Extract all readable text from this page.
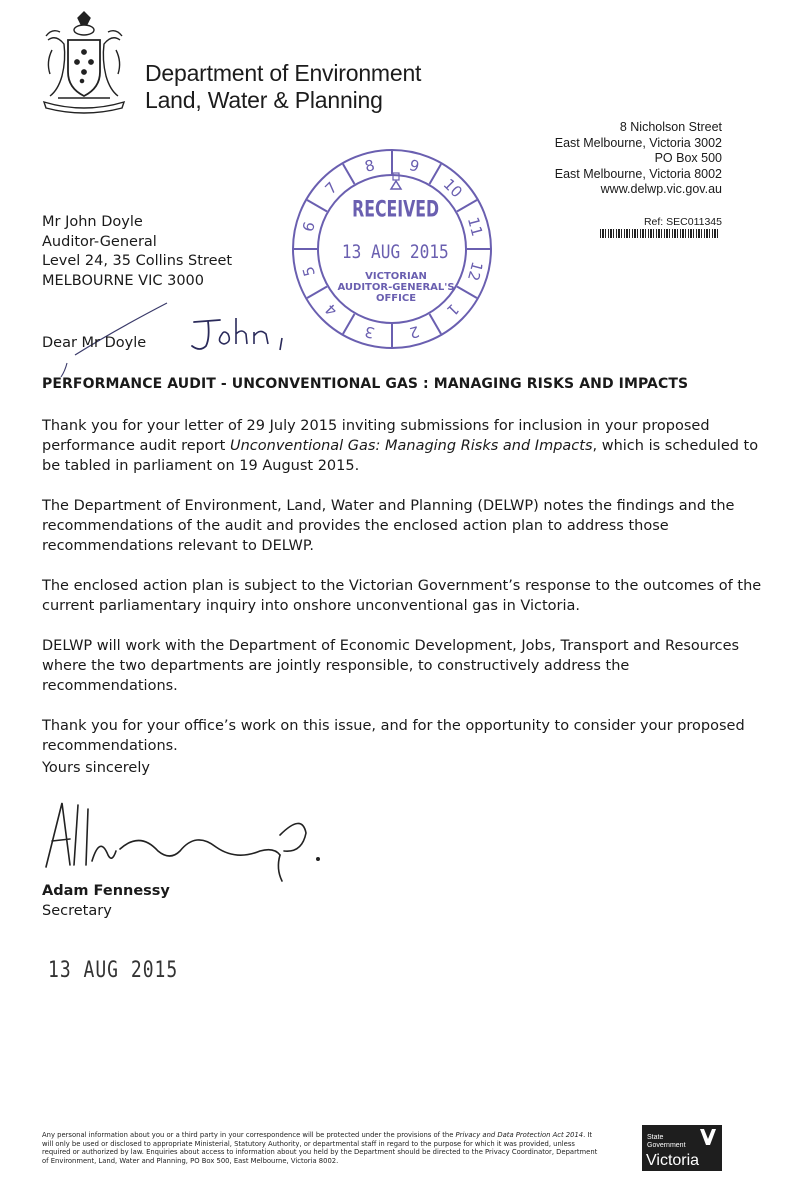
Department of Environment
Land, Water & Planning
8 Nicholson Street
East Melbourne, Victoria 3002
PO Box 500
East Melbourne, Victoria 8002
www.delwp.vic.gov.au
Ref: SEC011345
Mr John Doyle
Auditor-General
Level 24, 35 Collins Street
MELBOURNE VIC 3000
8 9
10
11
12
1
2
3
4
5
6
7
RECEIVED
13 AUG 2015
VICTORIAN
AUDITOR-GENERAL'S
OFFICE
Dear Mr Doyle
PERFORMANCE AUDIT - UNCONVENTIONAL GAS : MANAGING RISKS AND IMPACTS

Thank you for your letter of 29 July 2015 inviting submissions for inclusion in your proposed performance audit report Unconventional Gas: Managing Risks and Impacts, which is scheduled to be tabled in parliament on 19 August 2015.

The Department of Environment, Land, Water and Planning (DELWP) notes the findings and the recommendations of the audit and provides the enclosed action plan to address those recommendations relevant to DELWP.

The enclosed action plan is subject to the Victorian Government’s response to the outcomes of the current parliamentary inquiry into onshore unconventional gas in Victoria.

DELWP will work with the Department of Economic Development, Jobs, Transport and Resources where the two departments are jointly responsible, to constructively address the recommendations.

Thank you for your office’s work on this issue, and for the opportunity to consider your proposed recommendations.

Yours sincerely
Adam Fennessy
Secretary
13 AUG 2015
Any personal information about you or a third party in your correspondence will be protected under the provisions of the Privacy and Data Protection Act 2014. It will only be used or disclosed to appropriate Ministerial, Statutory Authority, or departmental staff in regard to the purpose for which it was provided, unless required or authorized by law. Enquiries about access to information about you held by the Department should be directed to the Privacy Coordinator, Department of Environment, Land, Water and Planning, PO Box 500, East Melbourne, Victoria 8002.
State
Government
Victoria
